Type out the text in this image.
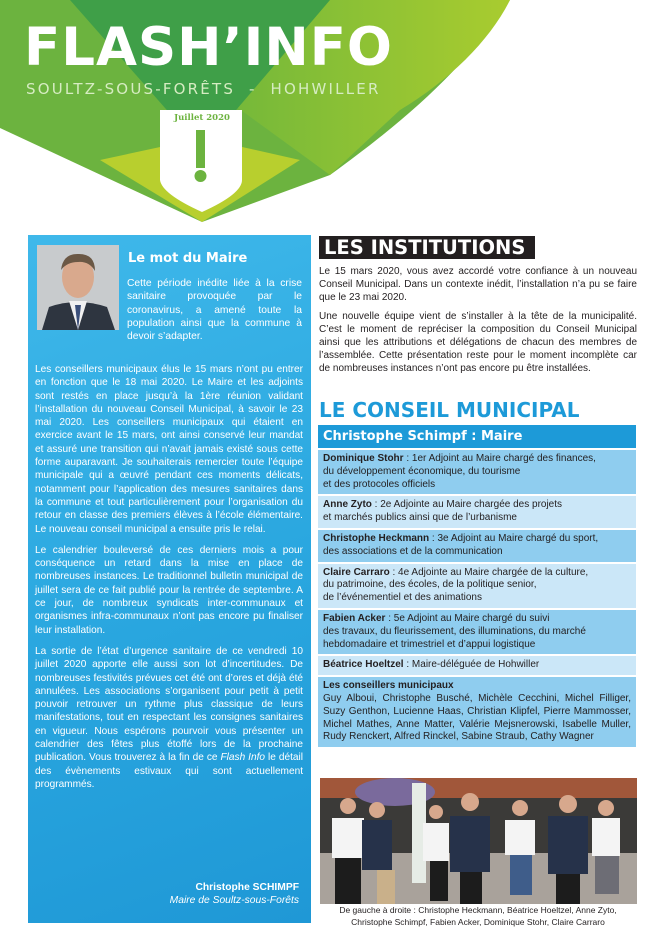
FLASH’INFO
SOULTZ-SOUS-FORÊTS  -  HOHWILLER
Juillet 2020
Le mot du Maire
Cette période inédite liée à la crise sanitaire provoquée par le coronavirus, a amené toute la population ainsi que la commune à devoir s’adapter.

Les conseillers municipaux élus le 15 mars n’ont pu entrer en fonction que le 18 mai 2020. Le Maire et les adjoints sont restés en place jusqu’à la 1ère réunion validant l’installation du nouveau Conseil Municipal, à savoir le 23 mai 2020. Les conseillers municipaux qui étaient en exercice avant le 15 mars, ont ainsi conservé leur mandat et assuré une transition qui n’avait jamais existé sous cette forme auparavant. Je souhaiterais remercier toute l’équipe municipale qui a œuvré pendant ces moments délicats, notamment pour l’application des mesures sanitaires dans la commune et tout particulièrement pour l’organisation du retour en classe des premiers élèves à l’école élémentaire. Le nouveau conseil municipal a ensuite pris le relai.

Le calendrier bouleversé de ces derniers mois a pour conséquence un retard dans la mise en place de nombreuses instances. Le traditionnel bulletin municipal de juillet sera de ce fait publié pour la rentrée de septembre. A ce jour, de nombreux syndicats inter-communaux et organismes infra-communaux n’ont pas encore pu finaliser leur installation.

La sortie de l’état d’urgence sanitaire de ce vendredi 10 juillet 2020 apporte elle aussi son lot d’incertitudes. De nombreuses festivités prévues cet été ont d’ores et déjà été annulées. Les associations s’organisent pour petit à petit pouvoir retrouver un rythme plus classique de leurs manifestations, tout en respectant les consignes sanitaires en vigueur. Nous espérons pourvoir vous présenter un calendrier des fêtes plus étoffé lors de la prochaine publication. Vous trouverez à la fin de ce Flash Info le détail des évènements estivaux qui sont actuellement programmés.

Christophe SCHIMPF
Maire de Soultz-sous-Forêts
LES INSTITUTIONS

Le 15 mars 2020, vous avez accordé votre confiance à un nouveau Conseil Municipal. Dans un contexte inédit, l’installation n’a pu se faire que le 23 mai 2020.

Une nouvelle équipe vient de s’installer à la tête de la municipalité. C’est le moment de repréciser la composition du Conseil Municipal ainsi que les attributions et délégations de chacun des membres de l’assemblée. Cette présentation reste pour le moment incomplète car de nombreuses instances n’ont pas encore pu être installées.

LE CONSEIL MUNICIPAL
Christophe Schimpf : Maire
Dominique Stohr : 1er Adjoint au Maire chargé des finances,
du développement économique, du tourisme
et des protocoles officiels
Anne Zyto : 2e Adjointe au Maire chargée des projets
et marchés publics ainsi que de l’urbanisme
Christophe Heckmann : 3e Adjoint au Maire chargé du sport,
des associations et de la communication
Claire Carraro : 4e Adjointe au Maire chargée de la culture,
du patrimoine, des écoles, de la politique senior,
de l’événementiel et des animations
Fabien Acker : 5e Adjoint au Maire chargé du suivi
des travaux, du fleurissement, des illuminations, du marché
hebdomadaire et trimestriel et d’appui logistique
Béatrice Hoeltzel : Maire-déléguée de Hohwiller
Les conseillers municipaux
Guy Alboui, Christophe Busché, Michèle Cecchini, Michel Filliger, Suzy Genthon, Lucienne Haas, Christian Klipfel, Pierre Mammosser, Michel Mathes, Anne Matter, Valérie Mejsnerowski, Isabelle Muller, Rudy Renckert, Alfred Rinckel, Sabine Straub, Cathy Wagner
De gauche à droite : Christophe Heckmann, Béatrice Hoeltzel, Anne Zyto,
Christophe Schimpf, Fabien Acker, Dominique Stohr, Claire Carraro
